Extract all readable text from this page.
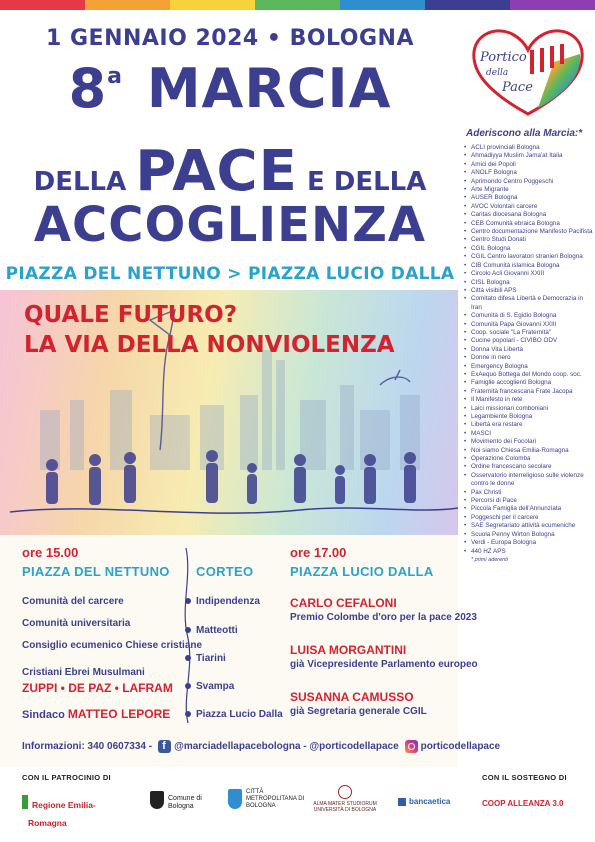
1 GENNAIO 2024 • BOLOGNA
8$^a$ MARCIA
DELLA PACE E DELLA
ACCOGLIENZA
PIAZZA DEL NETTUNO > PIAZZA LUCIO DALLA
Portico
della
Pace
QUALE FUTURO?
LA VIA DELLA NONVIOLENZA
ore 15.00
PIAZZA DEL NETTUNO
Comunità del carcere
Comunità universitaria
Consiglio ecumenico Chiese cristiane
Cristiani Ebrei Musulmani
ZUPPI • DE PAZ • LAFRAM
Sindaco MATTEO LEPORE
CORTEO
Indipendenza
Matteotti
Tiarini
Svampa
Piazza Lucio Dalla
ore 17.00
PIAZZA LUCIO DALLA
CARLO CEFALONI
Premio Colombe d'oro per la pace 2023
LUISA MORGANTINI
già Vicepresidente Parlamento europeo
SUSANNA CAMUSSO
già Segretaria generale CGIL
Informazioni: 340 0607334 -
f @marciadellapacebologna - @porticodellapace porticodellapace
Aderiscono alla Marcia:*
• ACLI provinciali Bologna
• Ahmadiyya Muslim Jama'at Italia
• Amici dei Popoli
• ANOLF Bologna
• Aprimondo Centro Poggeschi
• Arte Migrante
• AUSER Bologna
• AVOC Volontari carcere
• Caritas diocesana Bologna
• CEB Comunità ebraica Bologna
• Centro documentazione Manifesto Pacifista
• Centro Studi Donati
• CGIL Bologna
• CGIL Centro lavoratori stranieri Bologna
• CIB Comunità islamica Bologna
• Circolo Acli Giovanni XXIII
• CISL Bologna
• Città visibili APS
• Comitato difesa Libertà e Democrazia in Iran
• Comunità di S. Egidio Bologna
• Comunità Papa Giovanni XXIII
• Coop. sociale "La Fraternità"
• Cucine popolari - CIVIBO ODV
• Donna Vita Libertà
• Donne in nero
• Emergency Bologna
• ExAequo Bottega del Mondo coop. soc.
• Famiglie accoglienti Bologna
• Fraternità francescana Frate Jacopa
• Il Manifesto in rete
• Laici missionari comboniani
• Legambiente Bologna
• Libertà era restare
• MASCI
• Movimento dei Focolari
• Noi siamo Chiesa Emilia-Romagna
• Operazione Colomba
• Ordine francescano secolare
• Osservatorio interreligioso sulle violenze contro le donne
• Pax Christi
• Percorsi di Pace
• Piccola Famiglia dell'Annunziata
• Poggeschi per il carcere
• SAE Segretariato attività ecumeniche
• Scuola Penny Wirton Bologna
• Verdi - Europa Bologna
• 440 HZ APS
* primi aderenti
CON IL PATROCINIO DI	CON IL SOSTEGNO DI
Regione Emilia-Romagna
Comune di Bologna
CITTÀ METROPOLITANA DI BOLOGNA	ALMA MATER STUDIORUM UNIVERSITÀ DI BOLOGNA
bancaetica	COOP ALLEANZA 3.0
